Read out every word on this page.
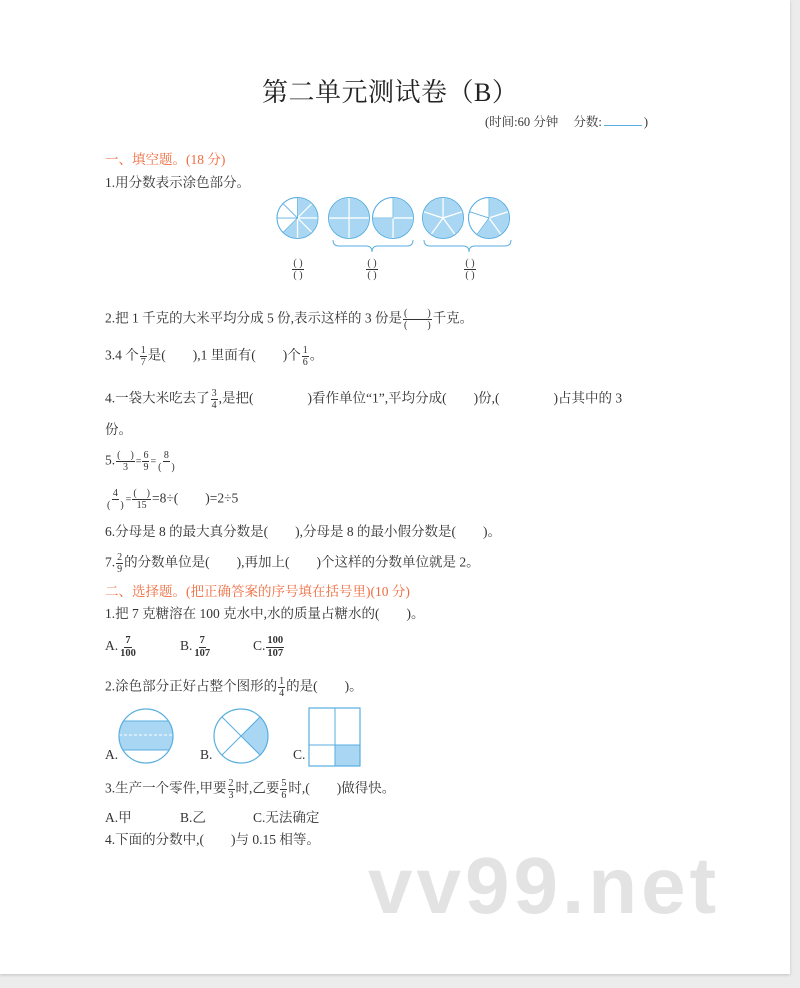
第二单元测试卷（B）
(时间:60 分钟 分数:	)
一、填空题。(18 分)
1.用分数表示涂色部分。
$\frac{( )}{( )}$	$\frac{( )}{( )}$	$\frac{( )}{( )}$
2.把 1 千克的大米平均分成 5 份,表示这样的 3 份是 $\frac{( )}{( )}$ 千克。
3.4 个 $\frac{1}{7}$ 是(　　),1 里面有(　　)个 $\frac{1}{6}$ 。
4.一袋大米吃去了 $\frac{3}{4}$ ,是把(　　　　)看作单位“1”,平均分成(　　)份,(　　　　)占其中的 3
份。
5. $\frac{( )}{3} = \frac{6}{9} = \frac{8}{( )}$
$\frac{4}{( )} = \frac{( )}{15} =8\div$(　　)=2÷5
6.分母是 8 的最大真分数是(　　),分母是 8 的最小假分数是(　　)。
7. $\frac{2}{9}$ 的分数单位是(　　),再加上(　　)个这样的分数单位就是 2。
二、选择题。(把正确答案的序号填在括号里)(10 分)
1.把 7 克糖溶在 100 克水中,水的质量占糖水的(　　)。
A. $\frac{7}{100}$	B. $\frac{7}{107}$	C. $\frac{100}{107}$
2.涂色部分正好占整个图形的 $\frac{1}{4}$ 的是(　　)。
A.	B.	C.
3.生产一个零件,甲要 $\frac{2}{3}$ 时,乙要 $\frac{5}{6}$ 时,(　　)做得快。
A.甲	B.乙	C.无法确定
4.下面的分数中,(　　)与 0.15 相等。
vv99.net
